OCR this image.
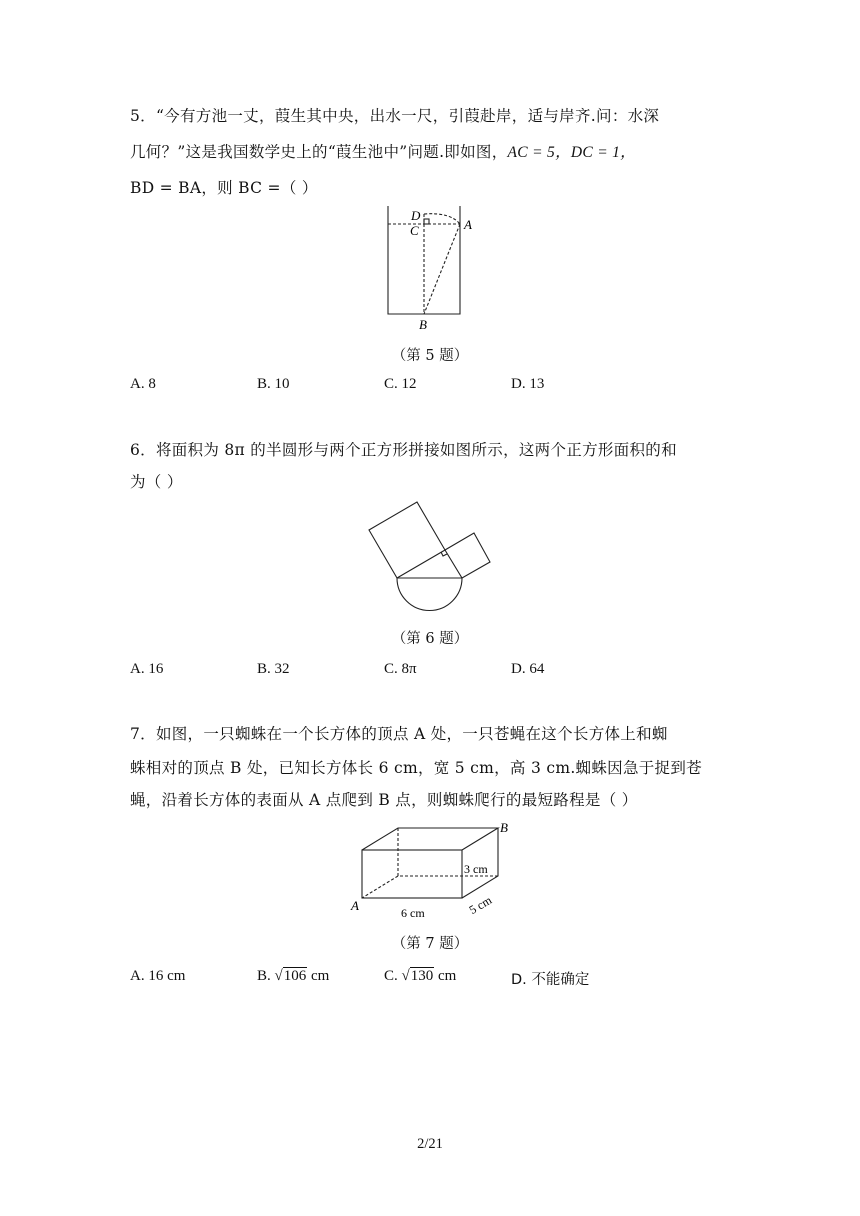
5．“今有方池一丈，葭生其中央，出水一尺，引葭赴岸，适与岸齐.问：水深
几何？”这是我国数学史上的“葭生池中”问题.即如图，AC = 5，DC = 1，
BD = BA，则 BC =（ ）
D
C	A
B
（第 5 题）
A. 8	B. 10	C. 12	D. 13
6．将面积为 8π 的半圆形与两个正方形拼接如图所示，这两个正方形面积的和
为（ ）
（第 6 题）
A. 16	B. 32	C. 8π	D. 64
7．如图，一只蜘蛛在一个长方体的顶点 A 处，一只苍蝇在这个长方体上和蜘
蛛相对的顶点 B 处，已知长方体长 6 cm，宽 5 cm，高 3 cm.蜘蛛因急于捉到苍
蝇，沿着长方体的表面从 A 点爬到 B 点，则蜘蛛爬行的最短路程是（ ）
A
B
3 cm
6 cm	5 cm
（第 7 题）
A. 16 cm	B. √106 cm	C. √130 cm	D. 不能确定
2/21
